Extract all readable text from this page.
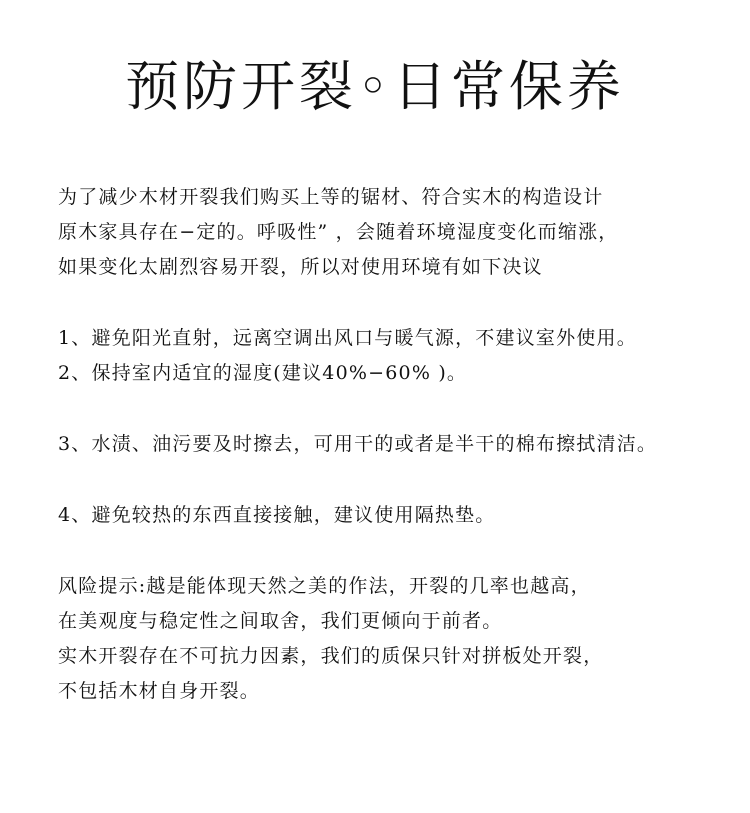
预防开裂◦日常保养

为了减少木材开裂我们购买上等的锯材、符合实木的构造设计
原木家具存在−定的。呼吸性” ，会随着环境湿度变化而缩涨，
如果变化太剧烈容易开裂，所以对使用环境有如下决议

1、避免阳光直射，远离空调出风口与暖气源，不建议室外使用。
2、保持室内适宜的湿度(建议40%−60% )。

3、水渍、油污要及时擦去，可用干的或者是半干的棉布擦拭清洁。

4、避免较热的东西直接接触，建议使用隔热垫。

风险提示:越是能体现天然之美的作法，开裂的几率也越高，
在美观度与稳定性之间取舍，我们更倾向于前者。
实木开裂存在不可抗力因素，我们的质保只针对拼板处开裂，
不包括木材自身开裂。
